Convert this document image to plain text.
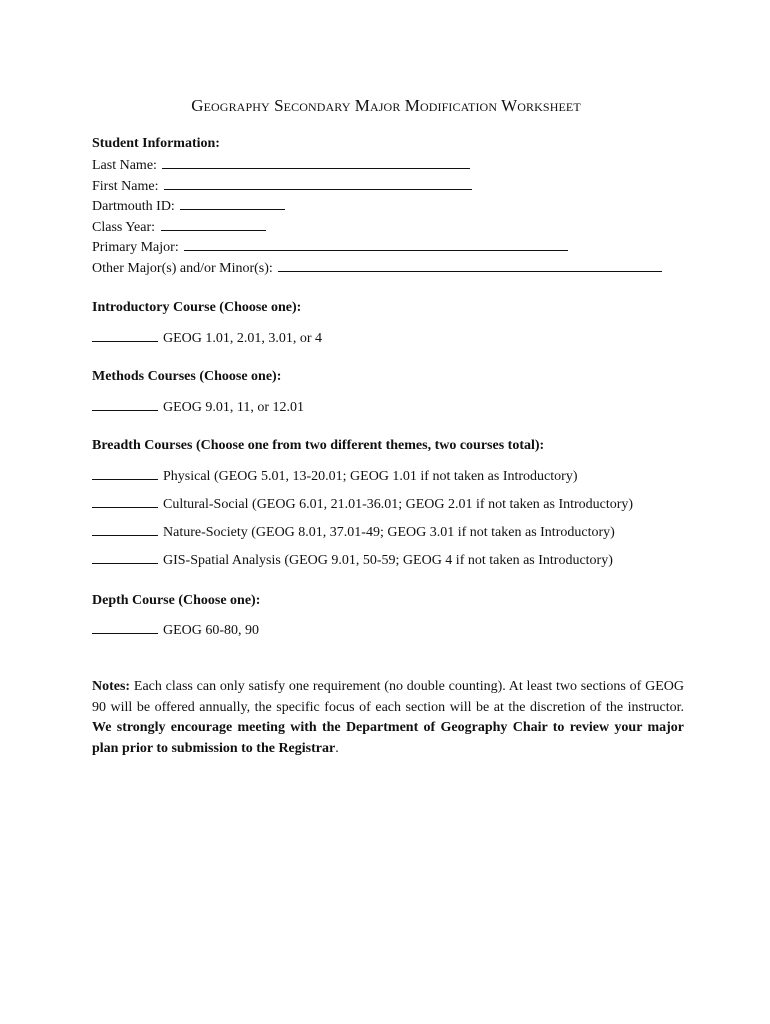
Geography Secondary Major Modification Worksheet
Student Information:
Last Name:
First Name:
Dartmouth ID:
Class Year:
Primary Major:
Other Major(s) and/or Minor(s):
Introductory Course (Choose one):
GEOG 1.01, 2.01, 3.01, or 4
Methods Courses (Choose one):
GEOG 9.01, 11, or 12.01
Breadth Courses (Choose one from two different themes, two courses total):
Physical (GEOG 5.01, 13-20.01; GEOG 1.01 if not taken as Introductory)
Cultural-Social (GEOG 6.01, 21.01-36.01; GEOG 2.01 if not taken as Introductory)
Nature-Society (GEOG 8.01, 37.01-49; GEOG 3.01 if not taken as Introductory)
GIS-Spatial Analysis (GEOG 9.01, 50-59; GEOG 4 if not taken as Introductory)
Depth Course (Choose one):
GEOG 60-80, 90
Notes: Each class can only satisfy one requirement (no double counting). At least two sections of GEOG 90 will be offered annually, the specific focus of each section will be at the discretion of the instructor. We strongly encourage meeting with the Department of Geography Chair to review your major plan prior to submission to the Registrar.
